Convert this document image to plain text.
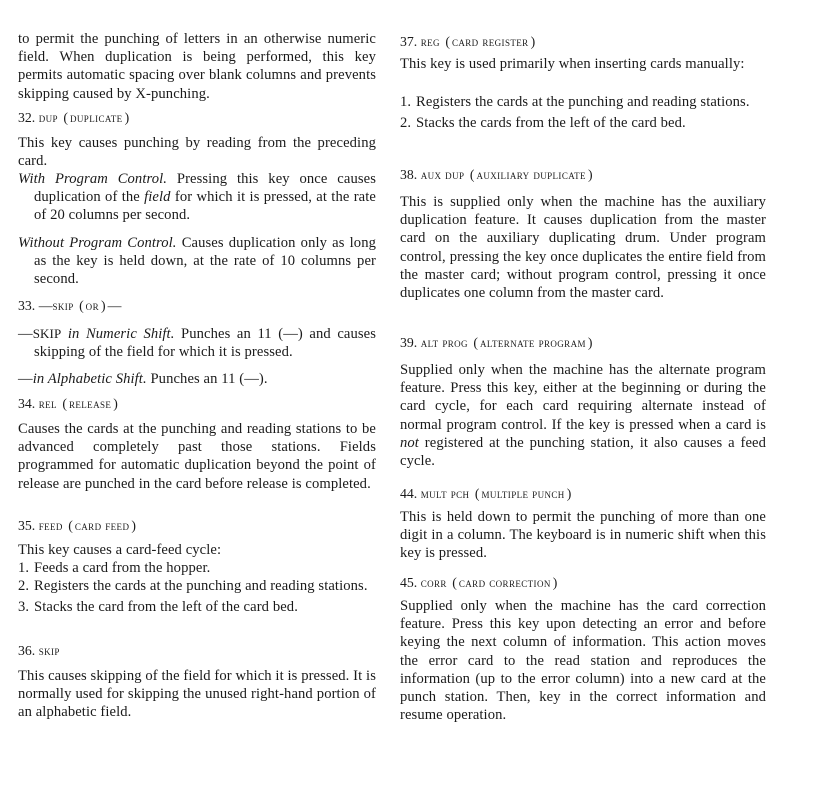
to permit the punching of letters in an otherwise numeric field. When duplication is being performed, this key permits automatic spacing over blank columns and prevents skipping caused by X-punching.

32. dup ( duplicate )

This key causes punching by reading from the preceding card.

With Program Control. Pressing this key once causes duplication of the field for which it is pressed, at the rate of 20 columns per second.

Without Program Control. Causes duplication only as long as the key is held down, at the rate of 10 columns per second.

33. —skip ( or ) —

—SKIP in Numeric Shift. Punches an 11 (—) and causes skipping of the field for which it is pressed.

—in Alphabetic Shift. Punches an 11 (—).

34. rel ( release )

Causes the cards at the punching and reading stations to be advanced completely past those stations. Fields programmed for automatic duplication beyond the point of release are punched in the card before release is completed.

35. feed ( card feed )

This key causes a card-feed cycle:

1. Feeds a card from the hopper.
2. Registers the cards at the punching and reading stations.
3. Stacks the card from the left of the card bed.

36. skip

This causes skipping of the field for which it is pressed. It is normally used for skipping the unused right-hand portion of an alphabetic field.

37. reg ( card register )

This key is used primarily when inserting cards manually:

1. Registers the cards at the punching and reading stations.
2. Stacks the cards from the left of the card bed.

38. aux dup ( auxiliary duplicate )

This is supplied only when the machine has the auxiliary duplication feature. It causes duplication from the master card on the auxiliary duplicating drum. Under program control, pressing the key once duplicates the entire field from the master card; without program control, pressing it once duplicates one column from the master card.

39. alt prog ( alternate program )

Supplied only when the machine has the alternate program feature. Press this key, either at the beginning or during the card cycle, for each card requiring alternate instead of normal program control. If the key is pressed when a card is not registered at the punching station, it also causes a feed cycle.

44. mult pch ( multiple punch )

This is held down to permit the punching of more than one digit in a column. The keyboard is in numeric shift when this key is pressed.

45. corr ( card correction )

Supplied only when the machine has the card correction feature. Press this key upon detecting an error and before keying the next column of information. This action moves the error card to the read station and reproduces the information (up to the error column) into a new card at the punch station. Then, key in the correct information and resume operation.
